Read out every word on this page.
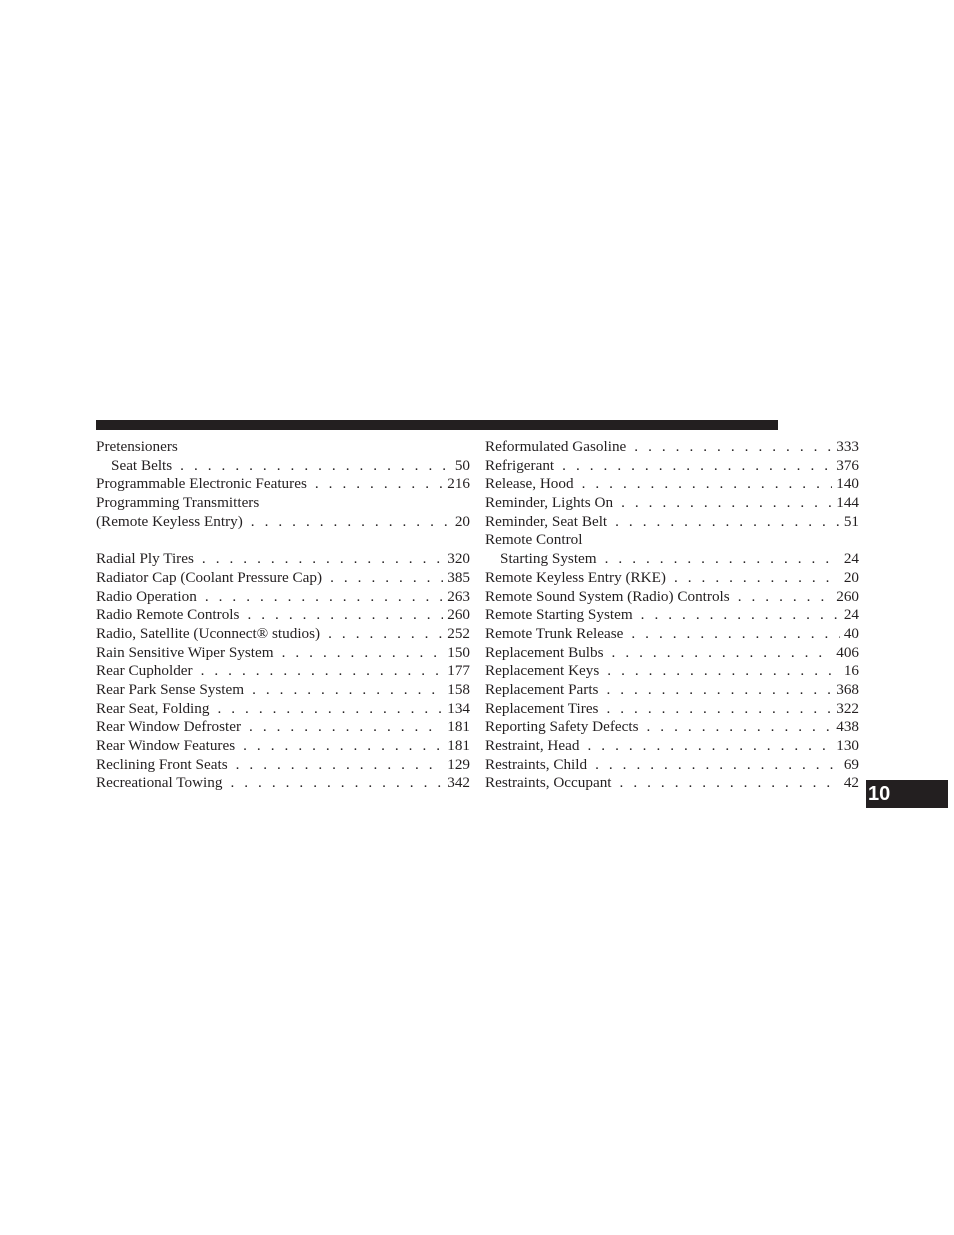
Pretensioners
Seat Belts . . .	50
Programmable Electronic Features . . .	216
Programming Transmitters
(Remote Keyless Entry) . . .	20
Radial Ply Tires . . .	320
Radiator Cap (Coolant Pressure Cap) . . .	385
Radio Operation . . .	263
Radio Remote Controls . . .	260
Radio, Satellite (Uconnect® studios) . . .	252
Rain Sensitive Wiper System . . .	150
Rear Cupholder . . .	177
Rear Park Sense System . . .	158
Rear Seat, Folding . . .	134
Rear Window Defroster . . .	181
Rear Window Features . . .	181
Reclining Front Seats . . .	129
Recreational Towing . . .	342
Reformulated Gasoline . . .	333
Refrigerant . . .	376
Release, Hood . . .	140
Reminder, Lights On . . .	144
Reminder, Seat Belt . . .	51
Remote Control
Starting System . . .	24
Remote Keyless Entry (RKE) . . .	20
Remote Sound System (Radio) Controls . . .	260
Remote Starting System . . .	24
Remote Trunk Release . . .	40
Replacement Bulbs . . .	406
Replacement Keys . . .	16
Replacement Parts . . .	368
Replacement Tires . . .	322
Reporting Safety Defects . . .	438
Restraint, Head . . .	130
Restraints, Child . . .	69
Restraints, Occupant . . .	42
10
